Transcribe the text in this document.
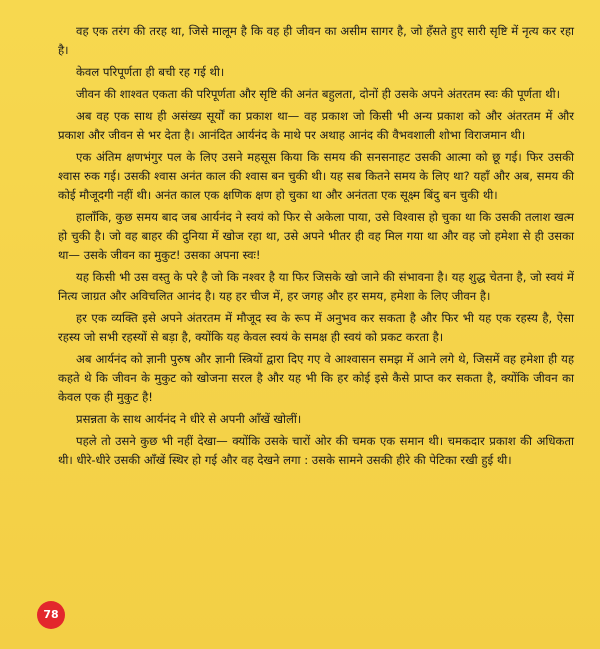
वह एक तरंग की तरह था, जिसे मालूम है कि वह ही जीवन का असीम सागर है, जो हँसते हुए सारी सृष्टि में नृत्य कर रहा है।

केवल परिपूर्णता ही बची रह गई थी।

जीवन की शाश्वत एकता की परिपूर्णता और सृष्टि की अनंत बहुलता, दोनों ही उसके अपने अंतरतम स्वः की पूर्णता थी।

अब वह एक साथ ही असंख्य सूर्यों का प्रकाश था— वह प्रकाश जो किसी भी अन्य प्रकाश को और अंतरतम में और प्रकाश और जीवन से भर देता है। आनंदित आर्यनंद के माथे पर अथाह आनंद की वैभवशाली शोभा विराजमान थी।

एक अंतिम क्षणभंगुर पल के लिए उसने महसूस किया कि समय की सनसनाहट उसकी आत्मा को छू गई। फिर उसकी श्वास रुक गई। उसकी श्वास अनंत काल की श्वास बन चुकी थी। यह सब कितने समय के लिए था? यहाँ और अब, समय की कोई मौजूदगी नहीं थी। अनंत काल एक क्षणिक क्षण हो चुका था और अनंतता एक सूक्ष्म बिंदु बन चुकी थी।

हालाँकि, कुछ समय बाद जब आर्यनंद ने स्वयं को फिर से अकेला पाया, उसे विश्वास हो चुका था कि उसकी तलाश खत्म हो चुकी है। जो वह बाहर की दुनिया में खोज रहा था, उसे अपने भीतर ही वह मिल गया था और वह जो हमेशा से ही उसका था— उसके जीवन का मुकुट! उसका अपना स्वः!

यह किसी भी उस वस्तु के परे है जो कि नश्वर है या फिर जिसके खो जाने की संभावना है। यह शुद्ध चेतना है, जो स्वयं में नित्य जाग्रत और अविचलित आनंद है। यह हर चीज में, हर जगह और हर समय, हमेशा के लिए जीवन है।

हर एक व्यक्ति इसे अपने अंतरतम में मौजूद स्व के रूप में अनुभव कर सकता है और फिर भी यह एक रहस्य है, ऐसा रहस्य जो सभी रहस्यों से बड़ा है, क्योंकि यह केवल स्वयं के समक्ष ही स्वयं को प्रकट करता है।

अब आर्यनंद को ज्ञानी पुरुष और ज्ञानी स्त्रियों द्वारा दिए गए वे आश्वासन समझ में आने लगे थे, जिसमें वह हमेशा ही यह कहते थे कि जीवन के मुकुट को खोजना सरल है और यह भी कि हर कोई इसे कैसे प्राप्त कर सकता है, क्योंकि जीवन का केवल एक ही मुकुट है!

प्रसन्नता के साथ आर्यनंद ने धीरे से अपनी आँखें खोलीं।

पहले तो उसने कुछ भी नहीं देखा— क्योंकि उसके चारों ओर की चमक एक समान थी। चमकदार प्रकाश की अधिकता थी। धीरे-धीरे उसकी आँखें स्थिर हो गई और वह देखने लगा : उसके सामने उसकी हीरे की पेटिका रखी हुई थी।

78
